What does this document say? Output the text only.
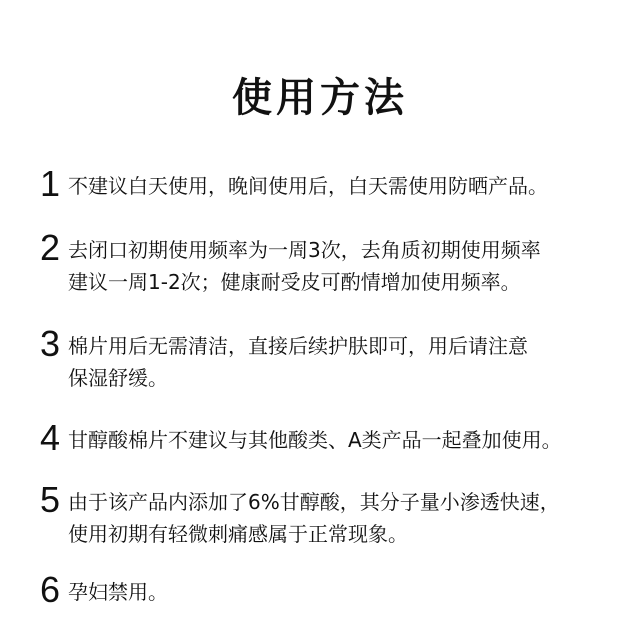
使用方法
1 不建议白天使用，晚间使用后，白天需使用防晒产品。
2 去闭口初期使用频率为一周3次，去角质初期使用频率
建议一周1-2次；健康耐受皮可酌情增加使用频率。
3 棉片用后无需清洁，直接后续护肤即可，用后请注意
保湿舒缓。
4 甘醇酸棉片不建议与其他酸类、A类产品一起叠加使用。
5 由于该产品内添加了6%甘醇酸，其分子量小渗透快速，
使用初期有轻微刺痛感属于正常现象。
6 孕妇禁用。
